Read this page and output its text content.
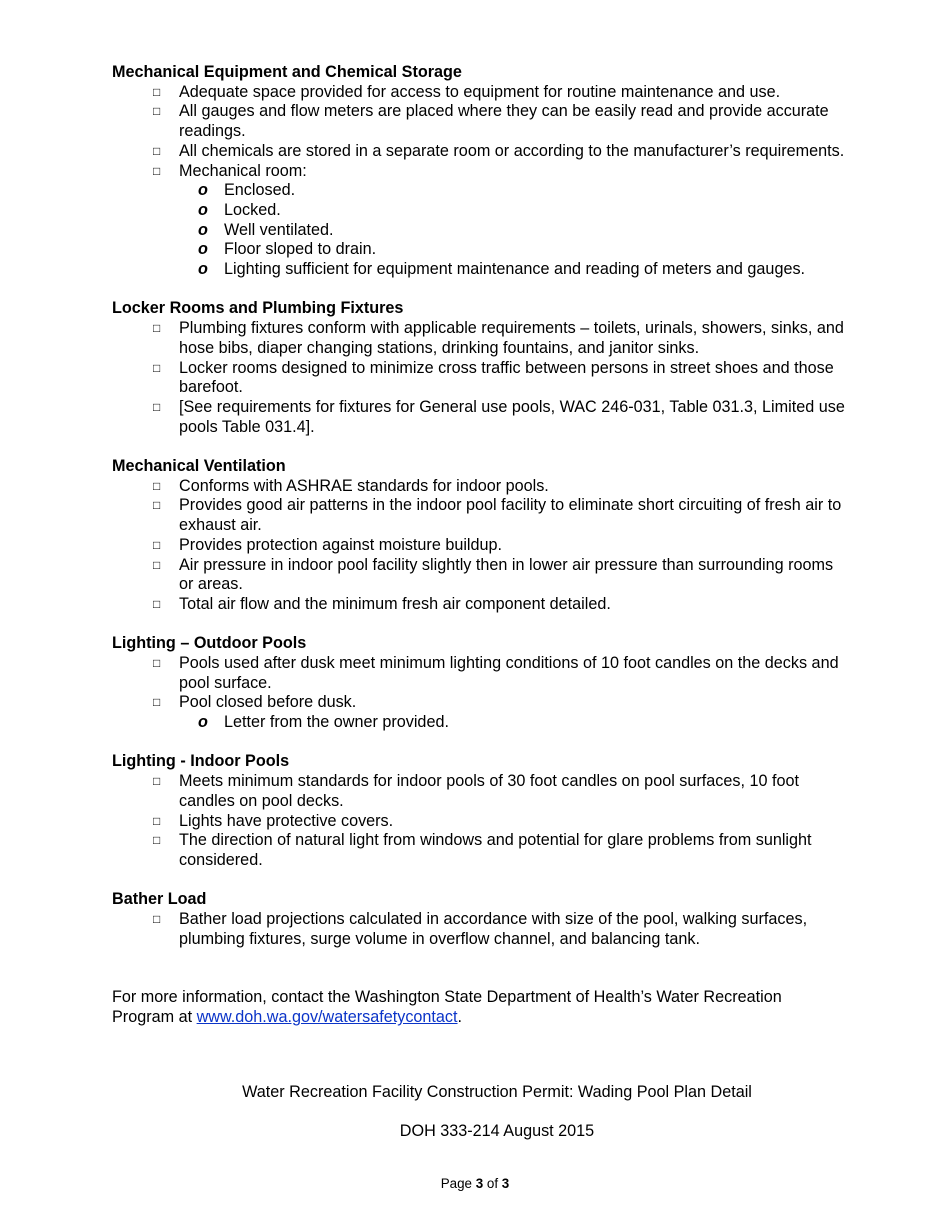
Mechanical Equipment and Chemical Storage
□ Adequate space provided for access to equipment for routine maintenance and use.
□ All gauges and flow meters are placed where they can be easily read and provide accurate readings.
□ All chemicals are stored in a separate room or according to the manufacturer’s requirements.
□ Mechanical room:
o Enclosed.
o Locked.
o Well ventilated.
o Floor sloped to drain.
o Lighting sufficient for equipment maintenance and reading of meters and gauges.
Locker Rooms and Plumbing Fixtures
□ Plumbing fixtures conform with applicable requirements – toilets, urinals, showers, sinks, and hose bibs, diaper changing stations, drinking fountains, and janitor sinks.
□ Locker rooms designed to minimize cross traffic between persons in street shoes and those barefoot.
□ [See requirements for fixtures for General use pools, WAC 246-031, Table 031.3, Limited use pools Table 031.4].
Mechanical Ventilation
□ Conforms with ASHRAE standards for indoor pools.
□ Provides good air patterns in the indoor pool facility to eliminate short circuiting of fresh air to exhaust air.
□ Provides protection against moisture buildup.
□ Air pressure in indoor pool facility slightly then in lower air pressure than surrounding rooms or areas.
□ Total air flow and the minimum fresh air component detailed.
Lighting – Outdoor Pools
□ Pools used after dusk meet minimum lighting conditions of 10 foot candles on the decks and pool surface.
□ Pool closed before dusk.
o Letter from the owner provided.
Lighting - Indoor Pools
□ Meets minimum standards for indoor pools of 30 foot candles on pool surfaces, 10 foot candles on pool decks.
□ Lights have protective covers.
□ The direction of natural light from windows and potential for glare problems from sunlight considered.
Bather Load
□ Bather load projections calculated in accordance with size of the pool, walking surfaces, plumbing fixtures, surge volume in overflow channel, and balancing tank.
For more information, contact the Washington State Department of Health’s Water Recreation Program at www.doh.wa.gov/watersafetycontact.
Water Recreation Facility Construction Permit: Wading Pool Plan Detail
DOH 333-214 August 2015
Page 3 of 3
